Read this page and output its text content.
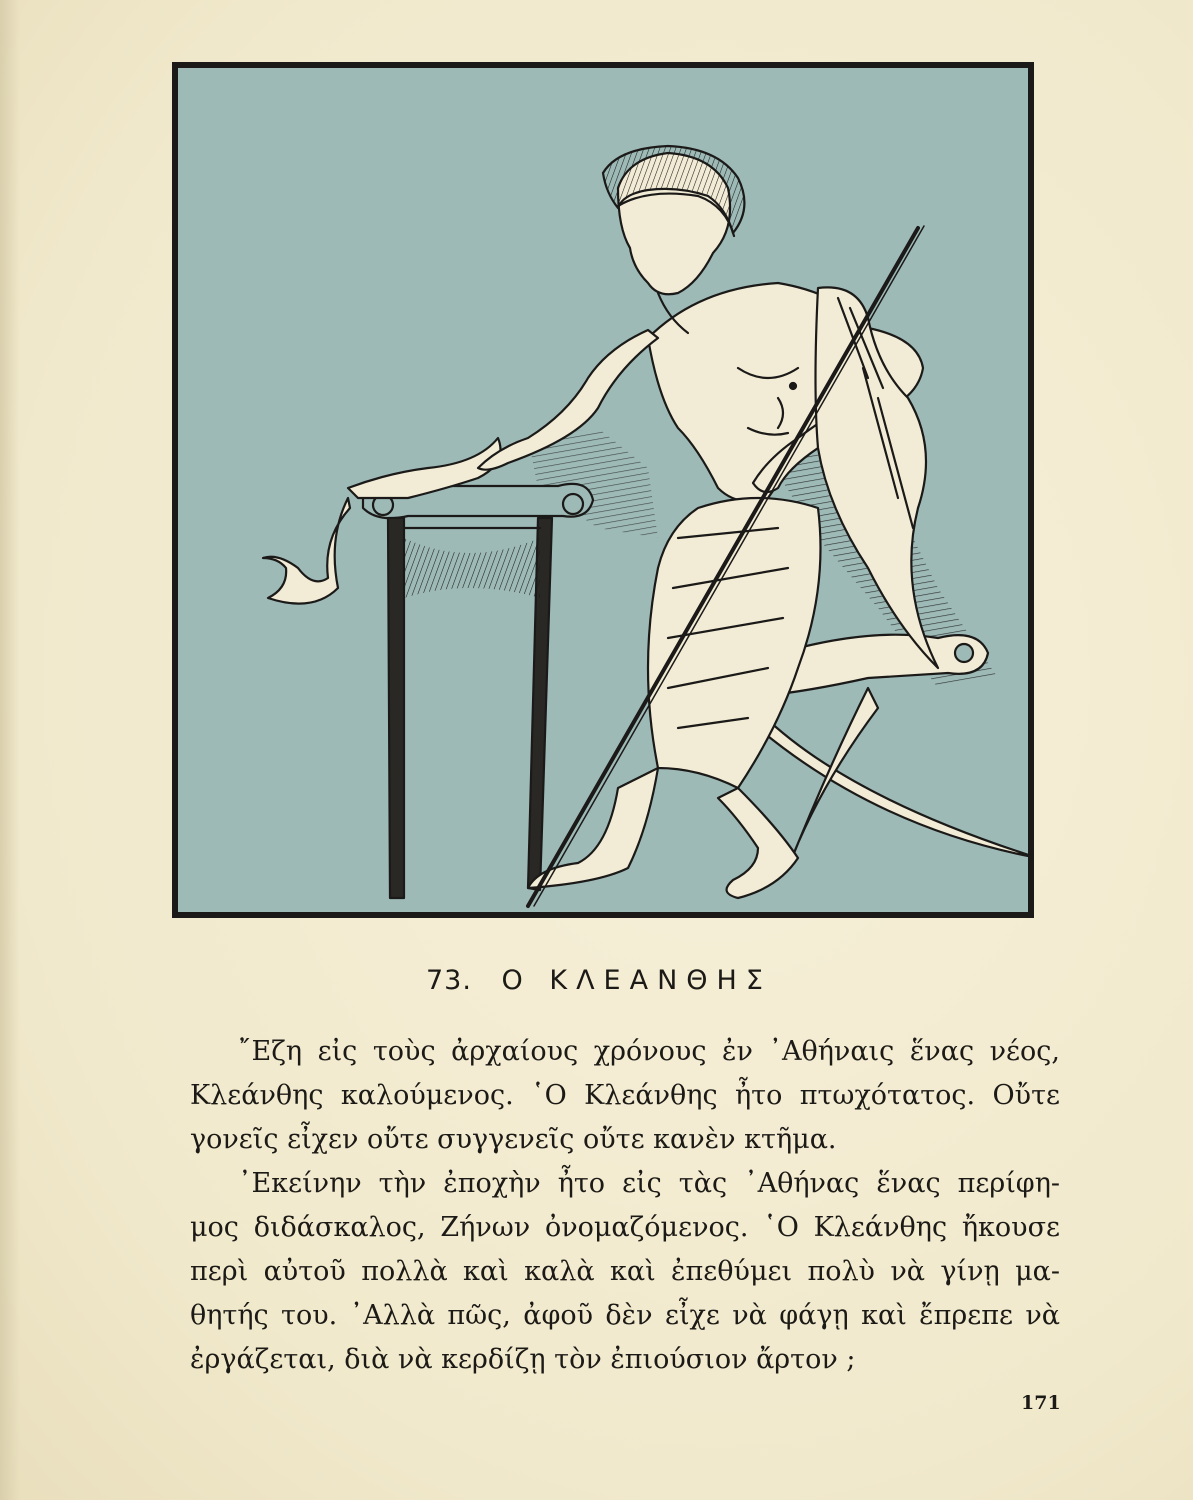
73. Ο ΚΛΕΑΝΘΗΣ
῎Εζη εἰς τοὺς ἀρχαίους χρόνους ἐν ᾿Αθήναις ἕνας νέος,
Κλεάνθης καλούμενος. ῾Ο Κλεάνθης ἦτο πτωχότατος. Οὔτε
γονεῖς εἶχεν οὔτε συγγενεῖς οὔτε κανὲν κτῆμα.
᾿Εκείνην τὴν ἐποχὴν ἦτο εἰς τὰς ᾿Αθήνας ἕνας περίφη-
μος διδάσκαλος, Ζήνων ὀνομαζόμενος. ῾Ο Κλεάνθης ἤκουσε
περὶ αὐτοῦ πολλὰ καὶ καλὰ καὶ ἐπεθύμει πολὺ νὰ γίνῃ μα-
θητής του. ᾿Αλλὰ πῶς, ἀφοῦ δὲν εἶχε νὰ φάγῃ καὶ ἔπρεπε νὰ
ἐργάζεται, διὰ νὰ κερδίζῃ τὸν ἐπιούσιον ἄρτον ;
171
